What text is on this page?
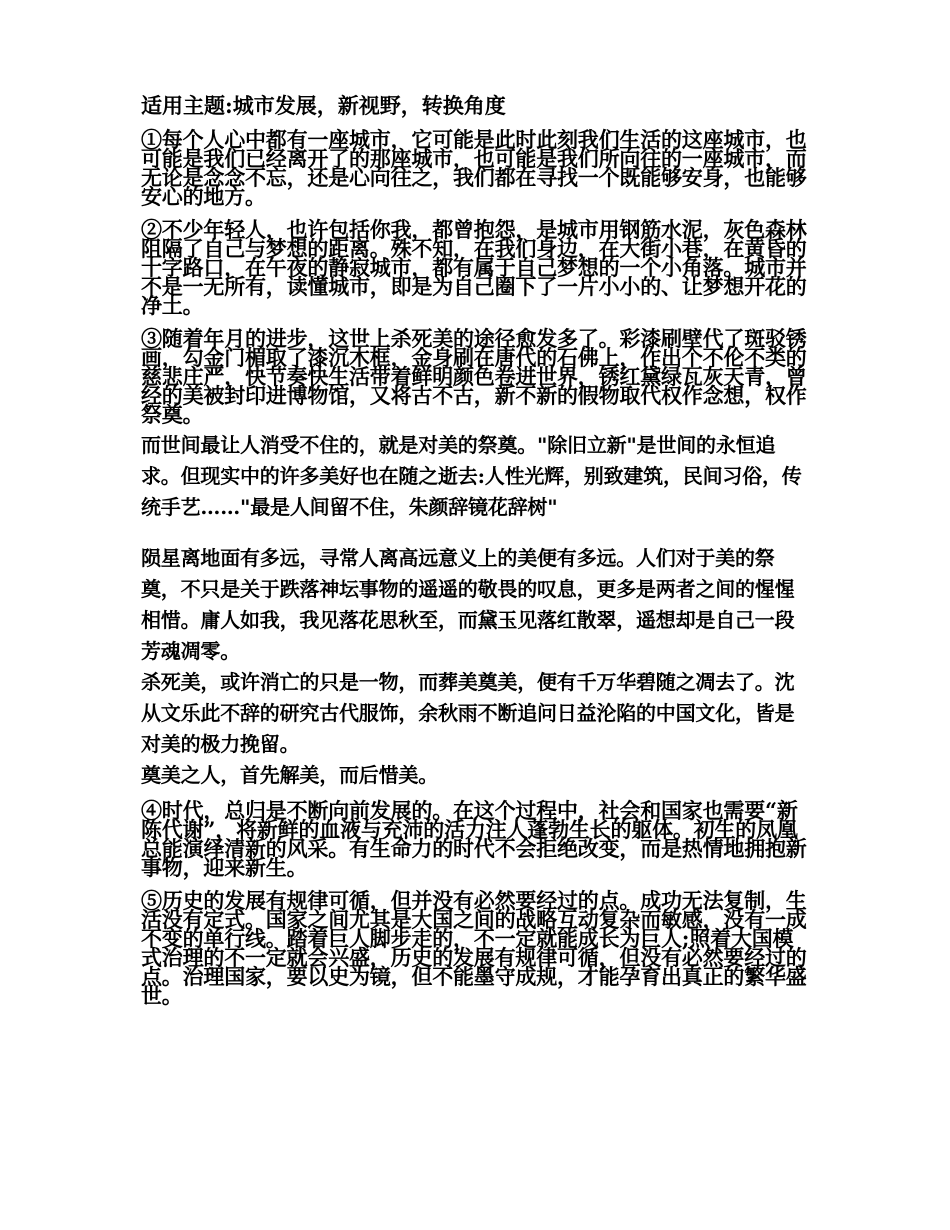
适用主题:城市发展，新视野，转换角度

①每个人心中都有一座城市，它可能是此时此刻我们生活的这座城市，也可能是我们已经离开了的那座城市，也可能是我们所向往的一座城市，而无论是念念不忘，还是心向往之，我们都在寻找一个既能够安身，也能够安心的地方。

②不少年轻人，也许包括你我，都曾抱怨，是城市用钢筋水泥，灰色森林阻隔了自己与梦想的距离。殊不知，在我们身边，在大街小巷，在黄昏的十字路口，在午夜的静寂城市，都有属于自己梦想的一个小角落。城市并不是一无所有，读懂城市，即是为自己圈下了一片小小的、让梦想开花的净土。

③随着年月的进步，这世上杀死美的途径愈发多了。彩漆刷壁代了斑驳锈画，勾金门楣取了漆沉木框，金身刷在唐代的石佛上，作出个不伦不类的慈悲庄严，快节奏快生活带着鲜明颜色卷进世界，锈红黛绿瓦灰天青，曾经的美被封印进博物馆，又将古不古，新不新的假物取代权作念想，权作祭奠。

而世间最让人消受不住的，就是对美的祭奠。"除旧立新"是世间的永恒追求。但现实中的许多美好也在随之逝去:人性光辉，别致建筑，民间习俗，传统手艺……"最是人间留不住，朱颜辞镜花辞树"

陨星离地面有多远，寻常人离高远意义上的美便有多远。人们对于美的祭奠，不只是关于跌落神坛事物的遥遥的敬畏的叹息，更多是两者之间的惺惺相惜。庸人如我，我见落花思秋至，而黛玉见落红散翠，遥想却是自己一段芳魂凋零。

杀死美，或许消亡的只是一物，而葬美奠美，便有千万华碧随之凋去了。沈从文乐此不辞的研究古代服饰，余秋雨不断追问日益沦陷的中国文化，皆是对美的极力挽留。

奠美之人，首先解美，而后惜美。

④时代，总归是不断向前发展的。在这个过程中，社会和国家也需要“新陈代谢”，将新鲜的血液与充沛的活力注人蓬勃生长的躯体。初生的凤凰总能演绎清新的风采。有生命力的时代不会拒绝改变，而是热情地拥抱新事物，迎来新生。

⑤历史的发展有规律可循，但并没有必然要经过的点。成功无法复制，生活没有定式。国家之间尤其是大国之间的战略互动复杂而敏感，没有一成不变的单行线。踏着巨人脚步走的，不一定就能成长为巨人;照着大国模式治理的不一定就会兴盛，历史的发展有规律可循，但没有必然要经过的点。治理国家，要以史为镜，但不能墨守成规，才能孕育出真正的繁华盛世。
